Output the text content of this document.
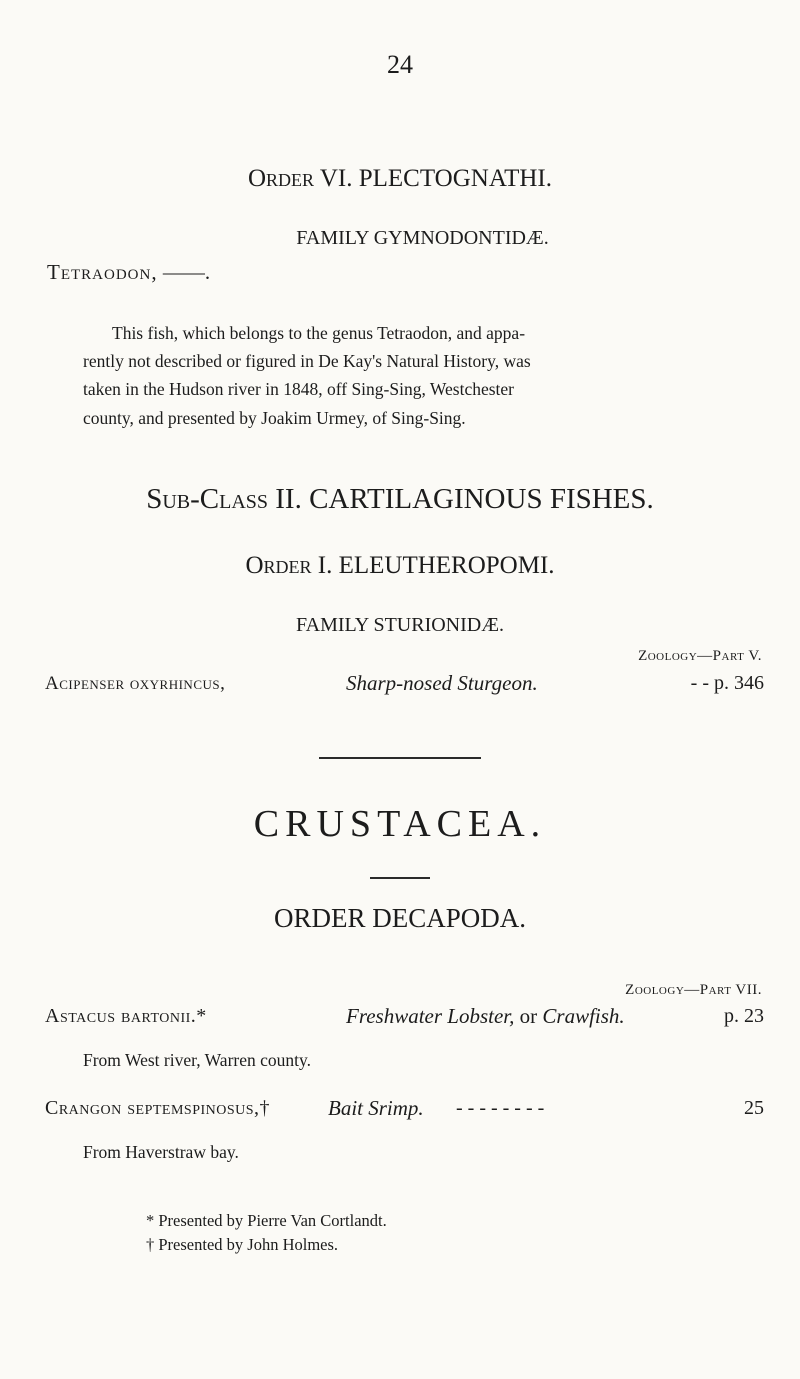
24
Order VI. PLECTOGNATHI.
FAMILY GYMNODONTIDÆ.
Tetraodon, ——.
This fish, which belongs to the genus Tetraodon, and appa-
rently not described or figured in De Kay's Natural History, was
taken in the Hudson river in 1848, off Sing-Sing, Westchester
county, and presented by Joakim Urmey, of Sing-Sing.
Sub-Class II. CARTILAGINOUS FISHES.
Order I. ELEUTHEROPOMI.
FAMILY STURIONIDÆ.
Zoology—Part V.
Acipenser oxyrhincus,	Sharp-nosed Sturgeon.	- - p. 346
CRUSTACEA.
ORDER DECAPODA.
Zoology—Part VII.
Astacus bartonii.*	Freshwater Lobster, or Crawfish.	p. 23
From West river, Warren county.
Crangon septemspinosus,†	Bait Srimp. - - - - - - - -	25
From Haverstraw bay.
* Presented by Pierre Van Cortlandt.
† Presented by John Holmes.
